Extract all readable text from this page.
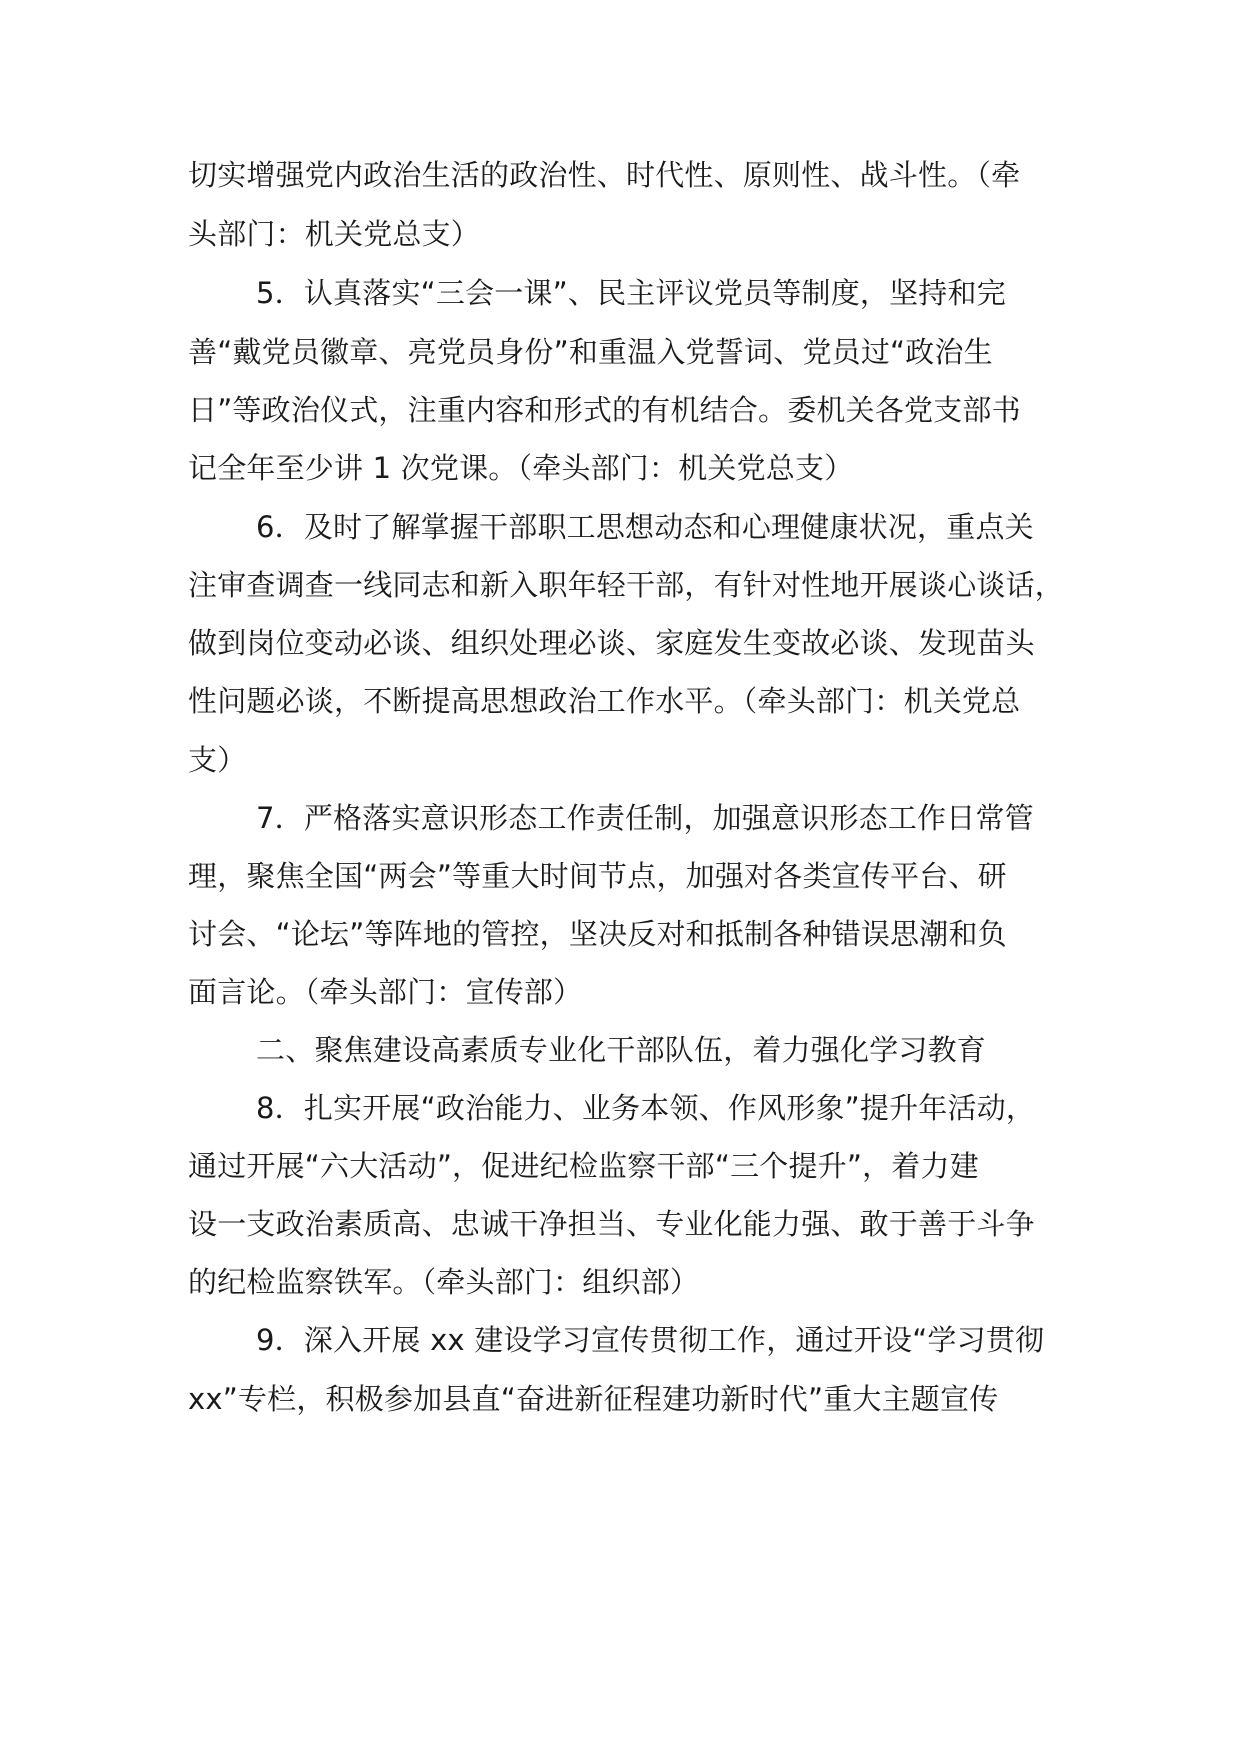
切实增强党内政治生活的政治性、时代性、原则性、战斗性。（牵
头部门：机关党总支）
5．认真落实“三会一课”、民主评议党员等制度，坚持和完
善“戴党员徽章、亮党员身份”和重温入党誓词、党员过“政治生
日”等政治仪式，注重内容和形式的有机结合。委机关各党支部书
记全年至少讲 1 次党课。（牵头部门：机关党总支）
6．及时了解掌握干部职工思想动态和心理健康状况，重点关
注审查调查一线同志和新入职年轻干部，有针对性地开展谈心谈话，
做到岗位变动必谈、组织处理必谈、家庭发生变故必谈、发现苗头
性问题必谈，不断提高思想政治工作水平。（牵头部门：机关党总
支）
7．严格落实意识形态工作责任制，加强意识形态工作日常管
理，聚焦全国“两会”等重大时间节点，加强对各类宣传平台、研
讨会、“论坛”等阵地的管控，坚决反对和抵制各种错误思潮和负
面言论。（牵头部门：宣传部）
二、聚焦建设高素质专业化干部队伍，着力强化学习教育
8．扎实开展“政治能力、业务本领、作风形象”提升年活动，
通过开展“六大活动”，促进纪检监察干部“三个提升”，着力建
设一支政治素质高、忠诚干净担当、专业化能力强、敢于善于斗争
的纪检监察铁军。（牵头部门：组织部）
9．深入开展 xx 建设学习宣传贯彻工作，通过开设“学习贯彻
xx”专栏，积极参加县直“奋进新征程建功新时代”重大主题宣传
